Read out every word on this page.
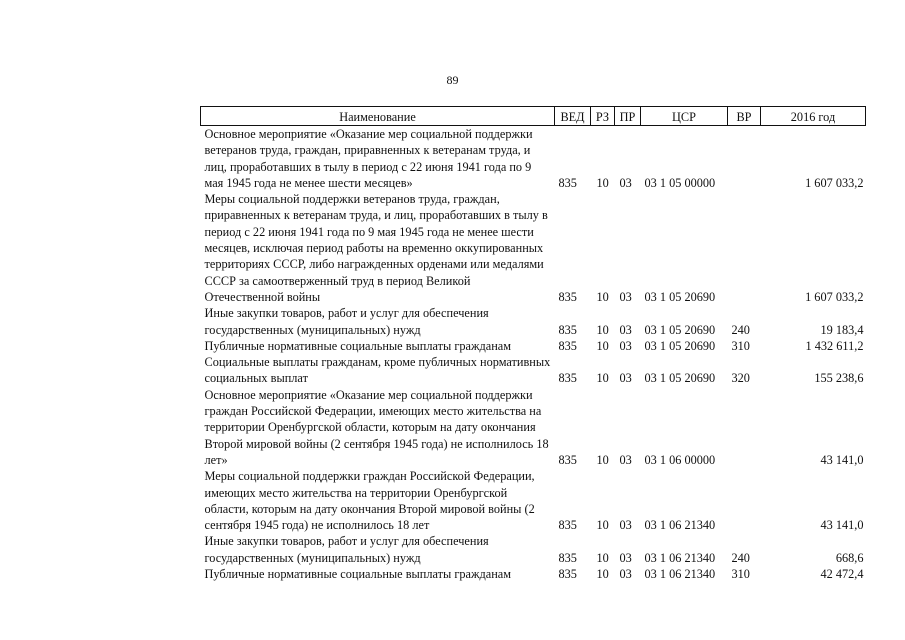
89
Наименование	ВЕД	РЗ	ПР	ЦСР	ВР	2016 год
Основное мероприятие «Оказание мер социальной поддержки ветеранов труда, граждан, приравненных к ветеранам труда, и лиц, проработавших в тылу в период с 22 июня 1941 года по 9 мая 1945 года не менее шести месяцев»	835	10	03	03 1 05 00000		1 607 033,2
Меры социальной поддержки ветеранов труда, граждан, приравненных к ветеранам труда, и лиц, проработавших в тылу в период с 22 июня 1941 года по 9 мая 1945 года не менее шести месяцев, исключая период работы на временно оккупированных территориях СССР, либо награжденных орденами или медалями СССР за самоотверженный труд в период Великой Отечественной войны	835	10	03	03 1 05 20690		1 607 033,2
Иные закупки товаров, работ и услуг для обеспечения государственных (муниципальных) нужд	835	10	03	03 1 05 20690	240	19 183,4
Публичные нормативные социальные выплаты гражданам	835	10	03	03 1 05 20690	310	1 432 611,2
Социальные выплаты гражданам, кроме публичных нормативных социальных выплат	835	10	03	03 1 05 20690	320	155 238,6
Основное мероприятие «Оказание мер социальной поддержки граждан Российской Федерации, имеющих место жительства на территории Оренбургской области, которым на дату окончания Второй мировой войны (2 сентября 1945 года) не исполнилось 18 лет»	835	10	03	03 1 06 00000		43 141,0
Меры социальной поддержки граждан Российской Федерации, имеющих место жительства на территории Оренбургской области, которым на дату окончания Второй мировой войны (2 сентября 1945 года) не исполнилось 18 лет	835	10	03	03 1 06 21340		43 141,0
Иные закупки товаров, работ и услуг для обеспечения государственных (муниципальных) нужд	835	10	03	03 1 06 21340	240	668,6
Публичные нормативные социальные выплаты гражданам	835	10	03	03 1 06 21340	310	42 472,4
